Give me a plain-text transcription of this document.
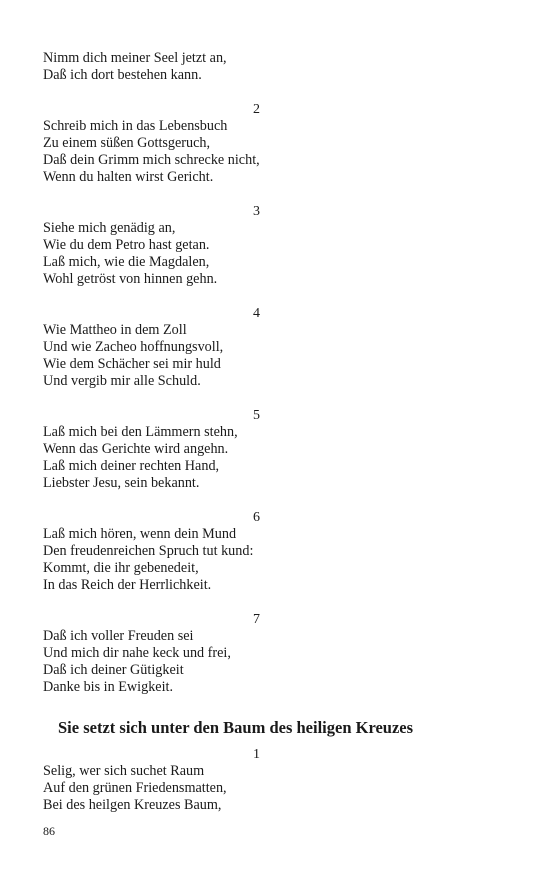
Nimm dich meiner Seel jetzt an,
Daß ich dort bestehen kann.
2
Schreib mich in das Lebensbuch
Zu einem süßen Gottsgeruch,
Daß dein Grimm mich schrecke nicht,
Wenn du halten wirst Gericht.
3
Siehe mich genädig an,
Wie du dem Petro hast getan.
Laß mich, wie die Magdalen,
Wohl getröst von hinnen gehn.
4
Wie Mattheo in dem Zoll
Und wie Zacheo hoffnungsvoll,
Wie dem Schächer sei mir huld
Und vergib mir alle Schuld.
5
Laß mich bei den Lämmern stehn,
Wenn das Gerichte wird angehn.
Laß mich deiner rechten Hand,
Liebster Jesu, sein bekannt.
6
Laß mich hören, wenn dein Mund
Den freudenreichen Spruch tut kund:
Kommt, die ihr gebenedeit,
In das Reich der Herrlichkeit.
7
Daß ich voller Freuden sei
Und mich dir nahe keck und frei,
Daß ich deiner Gütigkeit
Danke bis in Ewigkeit.
Sie setzt sich unter den Baum des heiligen Kreuzes
1
Selig, wer sich suchet Raum
Auf den grünen Friedensmatten,
Bei des heilgen Kreuzes Baum,
86
